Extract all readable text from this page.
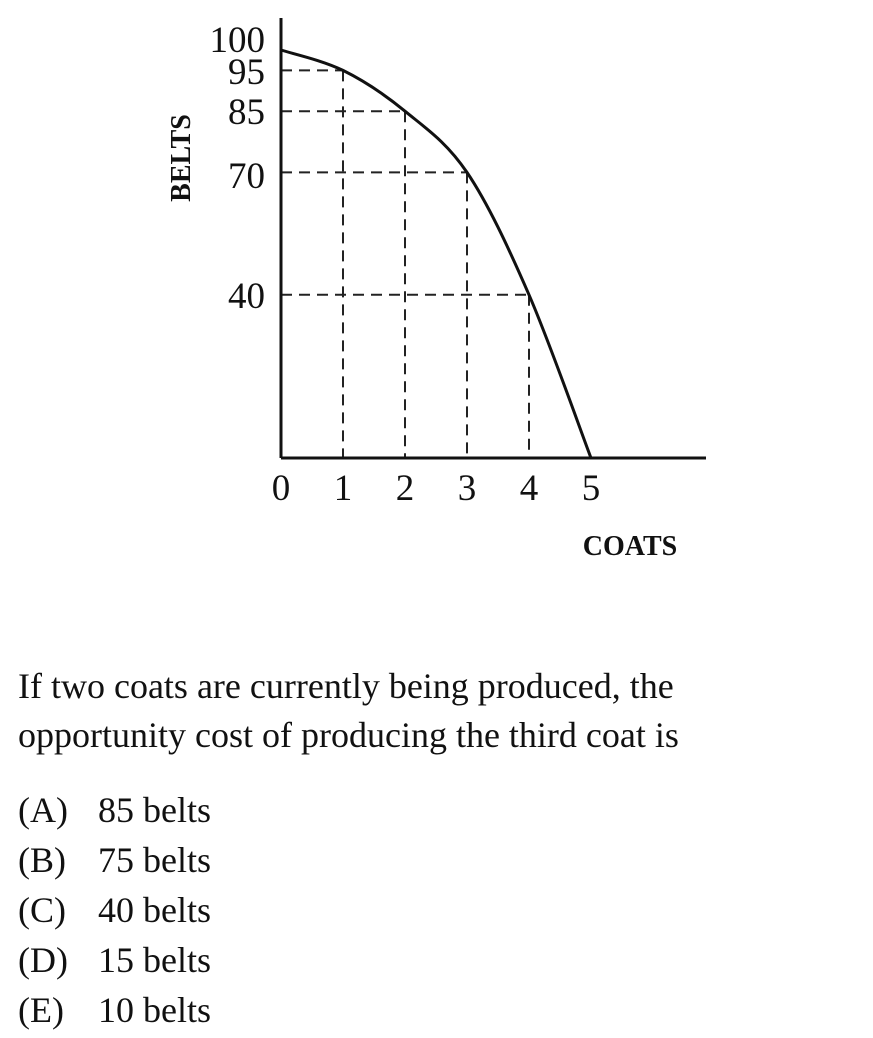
0 1 2 3 4 5
100
95
85
70
40
BELTS
COATS

If two coats are currently being produced, the

opportunity cost of producing the third coat is

(A) 85 belts
(B) 75 belts
(C) 40 belts
(D) 15 belts
(E) 10 belts
